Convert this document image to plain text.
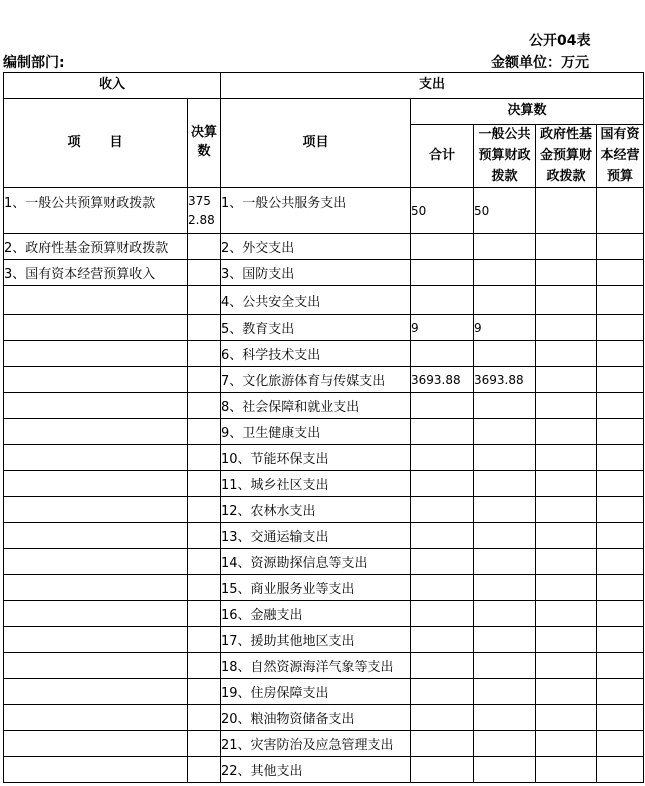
公开04表
编制部门:	金额单位：万元
收入		支出				
项　　目	决算数	项目	决算数			
			合计	一般公共预算财政拨款	政府性基金预算财政拨款	国有资本经营预算
1、一般公共预算财政拨款	3752.88	1、一般公共服务支出	50	50		
2、政府性基金预算财政拨款		2、外交支出				
3、国有资本经营预算收入		3、国防支出				
		4、公共安全支出				
		5、教育支出	9	9		
		6、科学技术支出				
		7、文化旅游体育与传媒支出	3693.88	3693.88		
		8、社会保障和就业支出				
		9、卫生健康支出				
		10、节能环保支出				
		11、城乡社区支出				
		12、农林水支出				
		13、交通运输支出				
		14、资源勘探信息等支出				
		15、商业服务业等支出				
		16、金融支出				
		17、援助其他地区支出				
		18、自然资源海洋气象等支出				
		19、住房保障支出				
		20、粮油物资储备支出				
		21、灾害防治及应急管理支出				
		22、其他支出				
